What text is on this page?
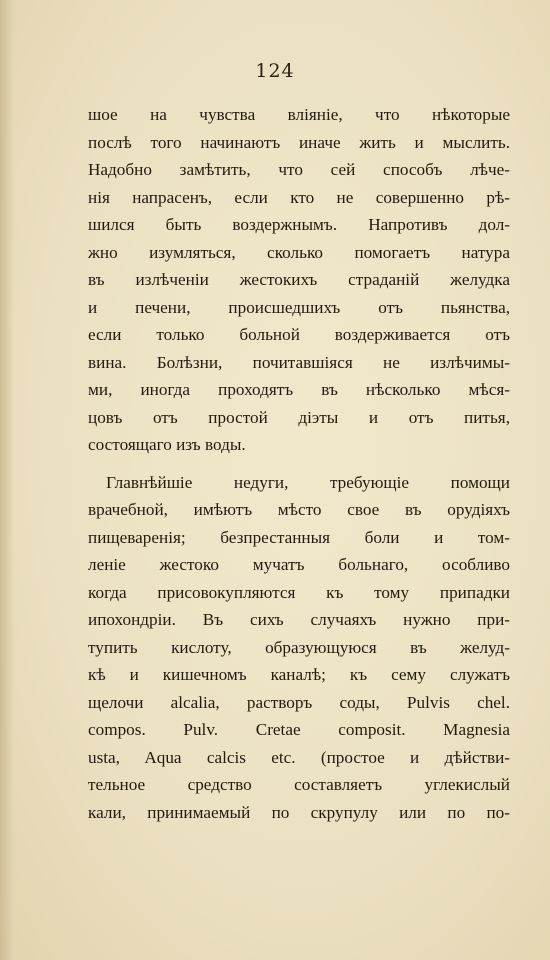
124
шое на чувства вліяніе, что нѣкоторые
послѣ того начинаютъ иначе жить и мыслить.
Надобно замѣтить, что сей способъ лѣче-
нія напрасенъ, если кто не совершенно рѣ-
шился быть воздержнымъ. Напротивъ дол-
жно изумляться, сколько помогаетъ натура
въ излѣченіи жестокихъ страданій желудка
и печени, происшедшихъ отъ пьянства,
если только больной воздерживается отъ
вина. Болѣзни, почитавшіяся не излѣчимы-
ми, иногда проходятъ въ нѣсколько мѣся-
цовъ отъ простой діэты и отъ питья,
состоящаго изъ воды.
Главнѣйшіе недуги, требующіе помощи
врачебной, имѣютъ мѣсто свое въ орудіяхъ
пищеваренія; безпрестанныя боли и том-
леніе жестоко мучатъ больнаго, особливо
когда присовокупляются къ тому припадки
ипохондріи. Въ сихъ случаяхъ нужно при-
тупить кислоту, образующуюся въ желуд-
кѣ и кишечномъ каналѣ; къ сему служатъ
щелочи alcalia, растворъ соды, Pulvis chel.
compos. Pulv. Cretae composit. Magnesia
usta, Aqua calcis etc. (простое и дѣйстви-
тельное средство составляетъ углекислый
кали, принимаемый по скрупулу или по по-
